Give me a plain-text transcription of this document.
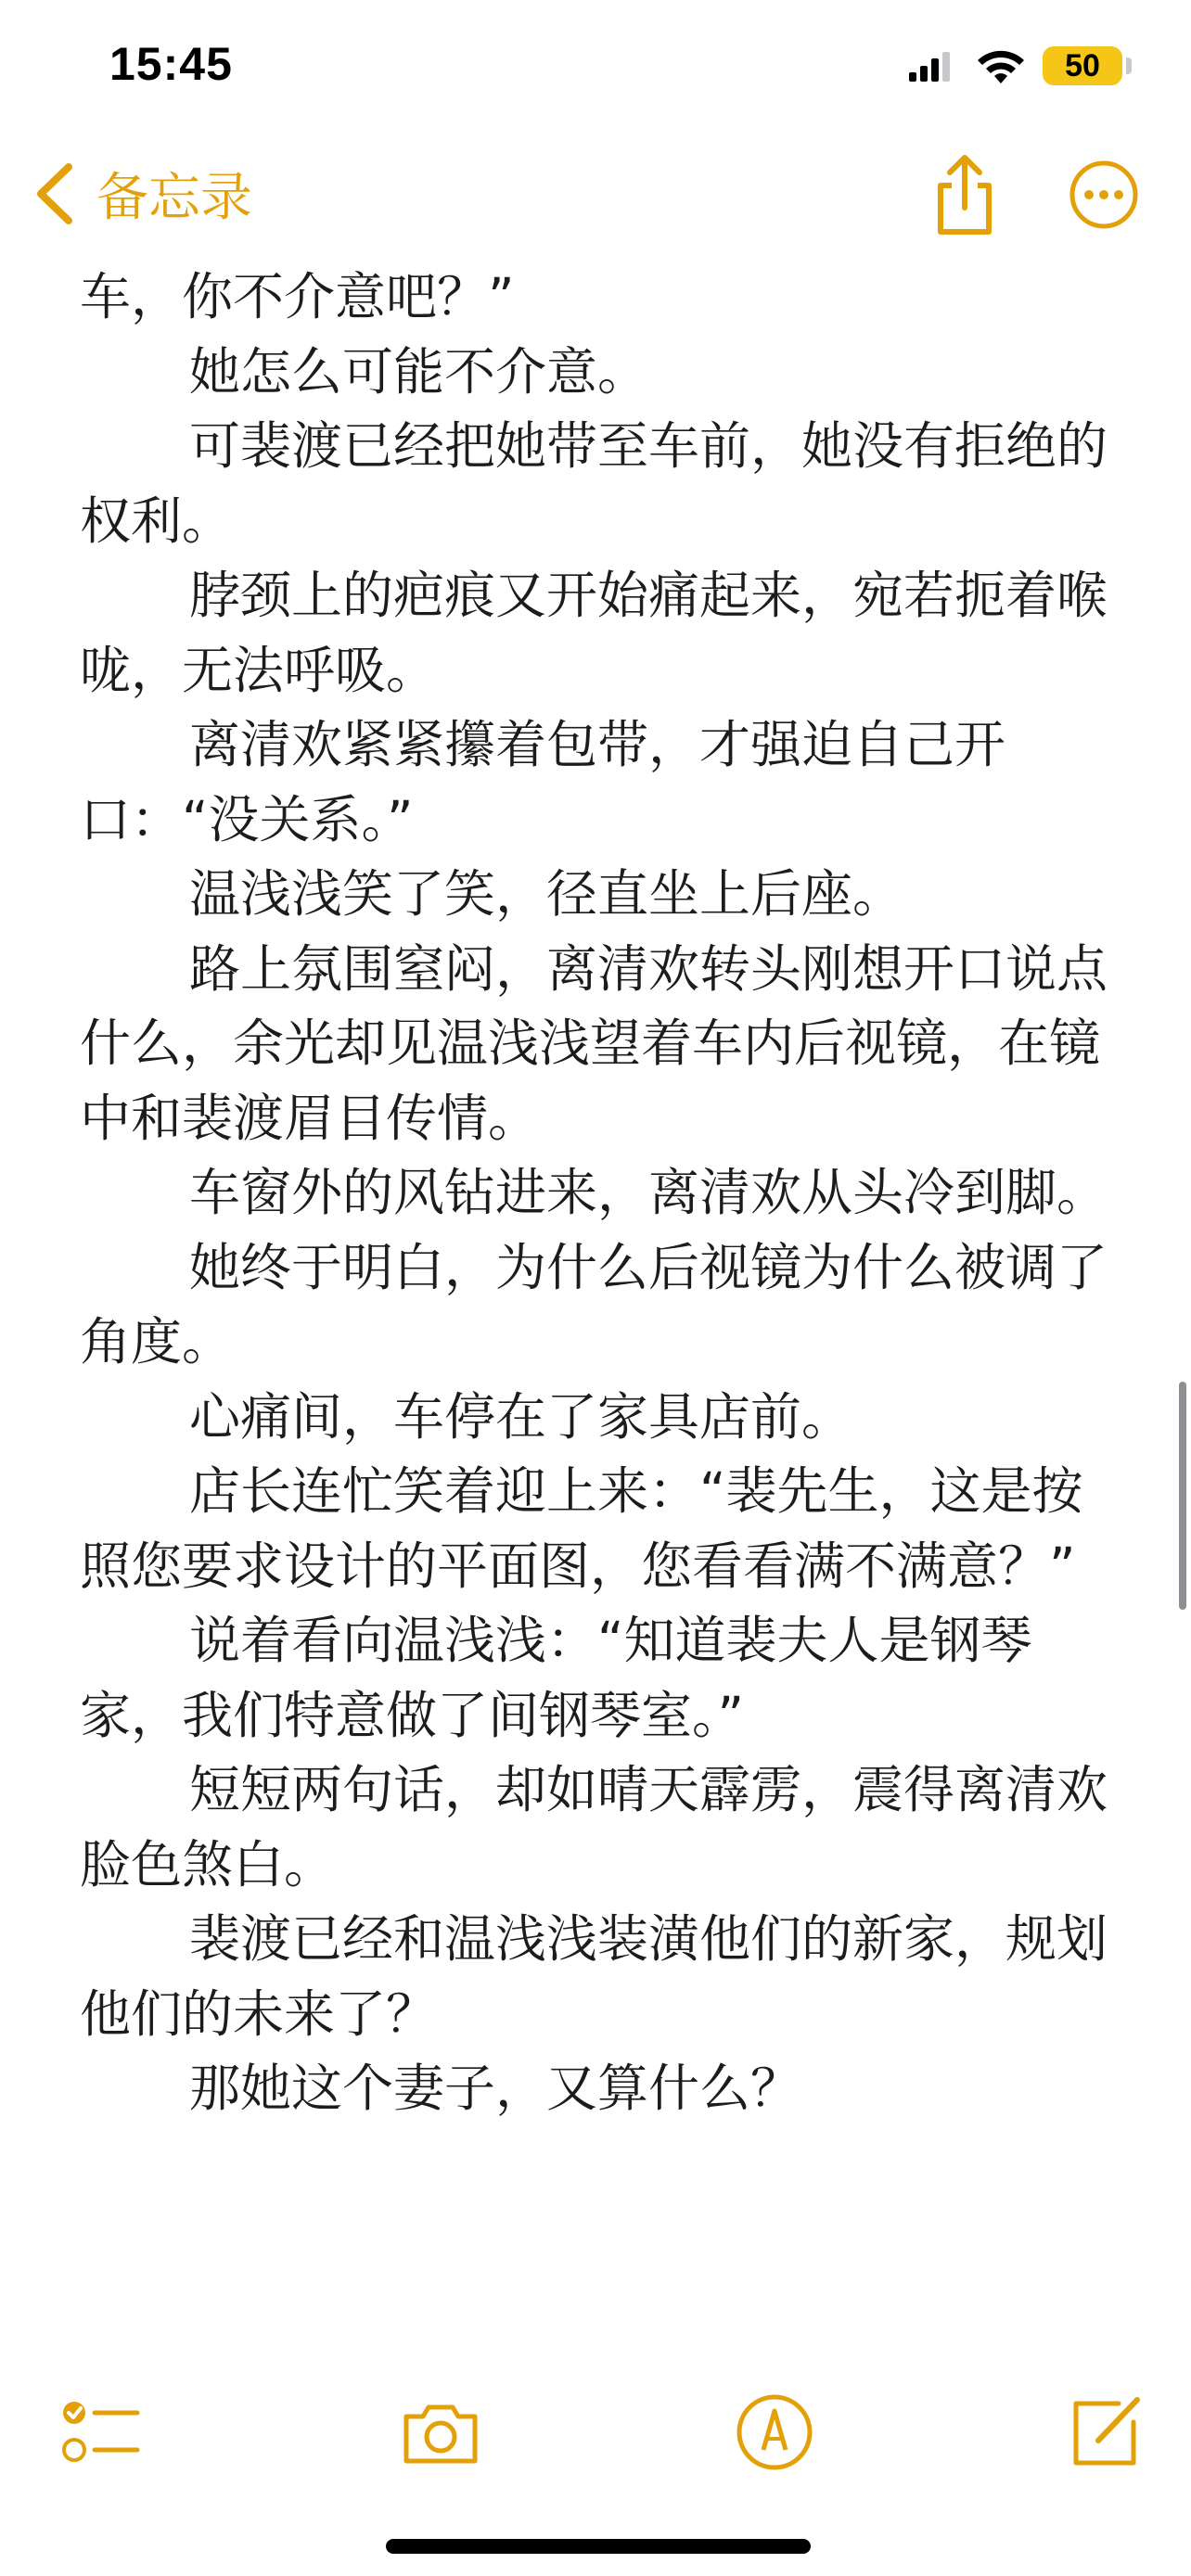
15:45	50
备忘录

车，你不介意吧？”

她怎么可能不介意。

可裴渡已经把她带至车前，她没有拒绝的权利。

脖颈上的疤痕又开始痛起来，宛若扼着喉咙，无法呼吸。

离清欢紧紧攥着包带，才强迫自己开口：“没关系。”

温浅浅笑了笑，径直坐上后座。

路上氛围窒闷，离清欢转头刚想开口说点什么，余光却见温浅浅望着车内后视镜，在镜中和裴渡眉目传情。

车窗外的风钻进来，离清欢从头冷到脚。

她终于明白，为什么后视镜为什么被调了角度。

心痛间，车停在了家具店前。

店长连忙笑着迎上来：“裴先生，这是按照您要求设计的平面图，您看看满不满意？”

说着看向温浅浅：“知道裴夫人是钢琴家，我们特意做了间钢琴室。”

短短两句话，却如晴天霹雳，震得离清欢脸色煞白。

裴渡已经和温浅浅装潢他们的新家，规划他们的未来了？

那她这个妻子，又算什么？
